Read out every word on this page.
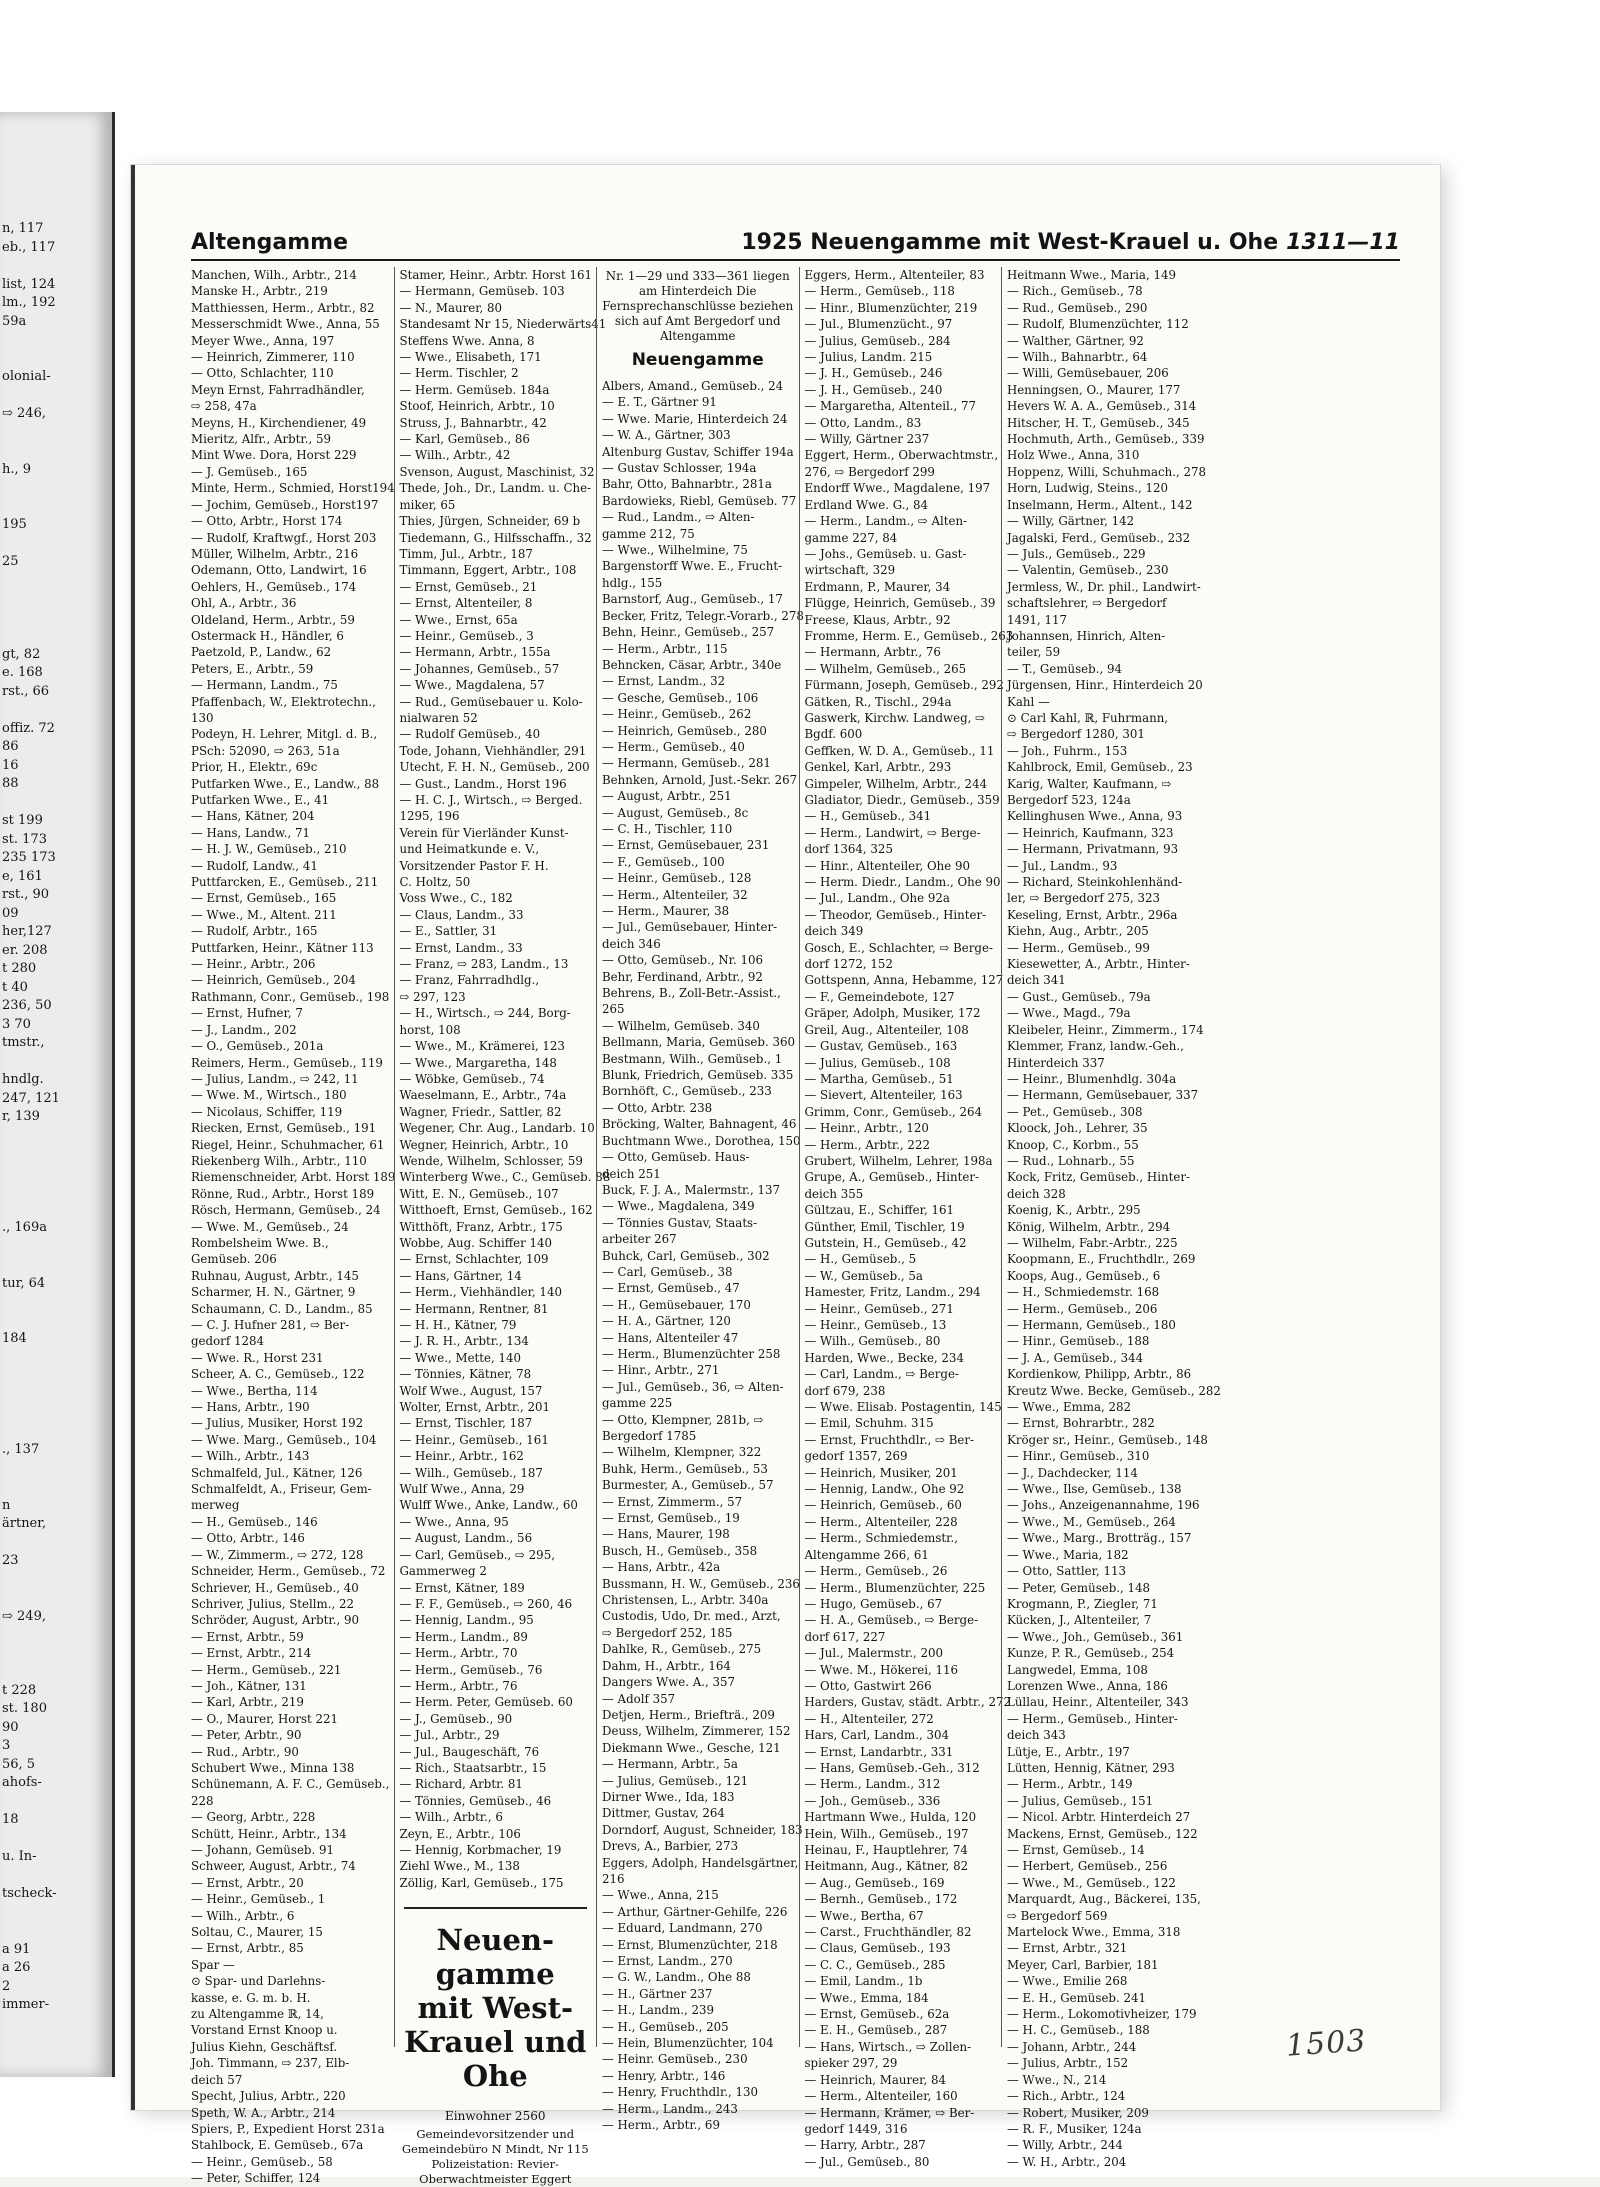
n, 117
eb., 117

list, 124
lm., 192
59a

olonial-

⇨ 246,

h., 9

195

25

gt, 82
e. 168
rst., 66

offiz. 72
86
16
88

st 199
st. 173
235 173
e, 161
rst., 90
09
her,127
er. 208
t 280
t 40
236, 50
3 70
tmstr.,

hndlg.
247, 121
r, 139

., 169a

tur, 64

184

., 137

n
ärtner,

23

⇨ 249,

t 228
st. 180
90
3
56, 5
ahofs-

18

u. In-

tscheck-

a 91
a 26
2
immer-
Altengamme	1925 Neuengamme mit West-Krauel u. Ohe 1311—11
Manchen, Wilh., Arbtr., 214
Manske H., Arbtr., 219
Matthiessen, Herm., Arbtr., 82
Messerschmidt Wwe., Anna, 55
Meyer Wwe., Anna, 197
— Heinrich, Zimmerer, 110
— Otto, Schlachter, 110
Meyn Ernst, Fahrradhändler,
⇨ 258, 47a
Meyns, H., Kirchendiener, 49
Mieritz, Alfr., Arbtr., 59
Mint Wwe. Dora, Horst 229
— J. Gemüseb., 165
Minte, Herm., Schmied, Horst194
— Jochim, Gemüseb., Horst197
— Otto, Arbtr., Horst 174
— Rudolf, Kraftwgf., Horst 203
Müller, Wilhelm, Arbtr., 216
Odemann, Otto, Landwirt, 16
Oehlers, H., Gemüseb., 174
Ohl, A., Arbtr., 36
Oldeland, Herm., Arbtr., 59
Ostermack H., Händler, 6
Paetzold, P., Landw., 62
Peters, E., Arbtr., 59
— Hermann, Landm., 75
Pfaffenbach, W., Elektrotechn.,
130
Podeyn, H. Lehrer, Mitgl. d. B.,
PSch: 52090, ⇨ 263, 51a
Prior, H., Elektr., 69c
Putfarken Wwe., E., Landw., 88
Putfarken Wwe., E., 41
— Hans, Kätner, 204
— Hans, Landw., 71
— H. J. W., Gemüseb., 210
— Rudolf, Landw., 41
Puttfarcken, E., Gemüseb., 211
— Ernst, Gemüseb., 165
— Wwe., M., Altent. 211
— Rudolf, Arbtr., 165
Puttfarken, Heinr., Kätner 113
— Heinr., Arbtr., 206
— Heinrich, Gemüseb., 204
Rathmann, Conr., Gemüseb., 198
— Ernst, Hufner, 7
— J., Landm., 202
— O., Gemüseb., 201a
Reimers, Herm., Gemüseb., 119
— Julius, Landm., ⇨ 242, 11
— Wwe. M., Wirtsch., 180
— Nicolaus, Schiffer, 119
Riecken, Ernst, Gemüseb., 191
Riegel, Heinr., Schuhmacher, 61
Riekenberg Wilh., Arbtr., 110
Riemenschneider, Arbt. Horst 189
Rönne, Rud., Arbtr., Horst 189
Rösch, Hermann, Gemüseb., 24
— Wwe. M., Gemüseb., 24
Rombelsheim Wwe. B.,
Gemüseb. 206
Ruhnau, August, Arbtr., 145
Scharmer, H. N., Gärtner, 9
Schaumann, C. D., Landm., 85
— C. J. Hufner 281, ⇨ Ber-
gedorf 1284
— Wwe. R., Horst 231
Scheer, A. C., Gemüseb., 122
— Wwe., Bertha, 114
— Hans, Arbtr., 190
— Julius, Musiker, Horst 192
— Wwe. Marg., Gemüseb., 104
— Wilh., Arbtr., 143
Schmalfeld, Jul., Kätner, 126
Schmalfeldt, A., Friseur, Gem-
merweg
— H., Gemüseb., 146
— Otto, Arbtr., 146
— W., Zimmerm., ⇨ 272, 128
Schneider, Herm., Gemüseb., 72
Schriever, H., Gemüseb., 40
Schriver, Julius, Stellm., 22
Schröder, August, Arbtr., 90
— Ernst, Arbtr., 59
— Ernst, Arbtr., 214
— Herm., Gemüseb., 221
— Joh., Kätner, 131
— Karl, Arbtr., 219
— O., Maurer, Horst 221
— Peter, Arbtr., 90
— Rud., Arbtr., 90
Schubert Wwe., Minna 138
Schünemann, A. F. C., Gemüseb.,
228
— Georg, Arbtr., 228
Schütt, Heinr., Arbtr., 134
— Johann, Gemüseb. 91
Schweer, August, Arbtr., 74
— Ernst, Arbtr., 20
— Heinr., Gemüseb., 1
— Wilh., Arbtr., 6
Soltau, C., Maurer, 15
— Ernst, Arbtr., 85
Spar —
⊙ Spar- und Darlehns-
kasse, e. G. m. b. H.
zu Altengamme ℝ, 14,
Vorstand Ernst Knoop u.
Julius Kiehn, Geschäftsf.
Joh. Timmann, ⇨ 237, Elb-
deich 57
Specht, Julius, Arbtr., 220
Speth, W. A., Arbtr., 214
Spiers, P., Expedient Horst 231a
Stahlbock, E. Gemüseb., 67a
— Heinr., Gemüseb., 58
— Peter, Schiffer, 124
Stamer, Heinr., Arbtr. Horst 161
— Hermann, Gemüseb. 103
— N., Maurer, 80
Standesamt Nr 15, Niederwärts41
Steffens Wwe. Anna, 8
— Wwe., Elisabeth, 171
— Herm. Tischler, 2
— Herm. Gemüseb. 184a
Stoof, Heinrich, Arbtr., 10
Struss, J., Bahnarbtr., 42
— Karl, Gemüseb., 86
— Wilh., Arbtr., 42
Svenson, August, Maschinist, 32
Thede, Joh., Dr., Landm. u. Che-
miker, 65
Thies, Jürgen, Schneider, 69 b
Tiedemann, G., Hilfsschaffn., 32
Timm, Jul., Arbtr., 187
Timmann, Eggert, Arbtr., 108
— Ernst, Gemüseb., 21
— Ernst, Altenteiler, 8
— Wwe., Ernst, 65a
— Heinr., Gemüseb., 3
— Hermann, Arbtr., 155a
— Johannes, Gemüseb., 57
— Wwe., Magdalena, 57
— Rud., Gemüsebauer u. Kolo-
nialwaren 52
— Rudolf Gemüseb., 40
Tode, Johann, Viehhändler, 291
Utecht, F. H. N., Gemüseb., 200
— Gust., Landm., Horst 196
— H. C. J., Wirtsch., ⇨ Berged.
1295, 196
Verein für Vierländer Kunst-
und Heimatkunde e. V.,
Vorsitzender Pastor F. H.
C. Holtz, 50
Voss Wwe., C., 182
— Claus, Landm., 33
— E., Sattler, 31
— Ernst, Landm., 33
— Franz, ⇨ 283, Landm., 13
— Franz, Fahrradhdlg.,
⇨ 297, 123
— H., Wirtsch., ⇨ 244, Borg-
horst, 108
— Wwe., M., Krämerei, 123
— Wwe., Margaretha, 148
— Wöbke, Gemüseb., 74
Waeselmann, E., Arbtr., 74a
Wagner, Friedr., Sattler, 82
Wegener, Chr. Aug., Landarb. 10
Wegner, Heinrich, Arbtr., 10
Wende, Wilhelm, Schlosser, 59
Winterberg Wwe., C., Gemüseb. 88
Witt, E. N., Gemüseb., 107
Witthoeft, Ernst, Gemüseb., 162
Witthöft, Franz, Arbtr., 175
Wobbe, Aug. Schiffer 140
— Ernst, Schlachter, 109
— Hans, Gärtner, 14
— Herm., Viehhändler, 140
— Hermann, Rentner, 81
— H. H., Kätner, 79
— J. R. H., Arbtr., 134
— Wwe., Mette, 140
— Tönnies, Kätner, 78
Wolf Wwe., August, 157
Wolter, Ernst, Arbtr., 201
— Ernst, Tischler, 187
— Heinr., Gemüseb., 161
— Heinr., Arbtr., 162
— Wilh., Gemüseb., 187
Wulf Wwe., Anna, 29
Wulff Wwe., Anke, Landw., 60
— Wwe., Anna, 95
— August, Landm., 56
— Carl, Gemüseb., ⇨ 295,
Gammerweg 2
— Ernst, Kätner, 189
— F. F., Gemüseb., ⇨ 260, 46
— Hennig, Landm., 95
— Herm., Landm., 89
— Herm., Arbtr., 70
— Herm., Gemüseb., 76
— Herm., Arbtr., 76
— Herm. Peter, Gemüseb. 60
— J., Gemüseb., 90
— Jul., Arbtr., 29
— Jul., Baugeschäft, 76
— Rich., Staatsarbtr., 15
— Richard, Arbtr. 81
— Tönnies, Gemüseb., 46
— Wilh., Arbtr., 6
Zeyn, E., Arbtr., 106
— Hennig, Korbmacher, 19
Ziehl Wwe., M., 138
Zöllig, Karl, Gemüseb., 175
Neuen-
gamme
mit West-
Krauel und
Ohe
Einwohner 2560
Gemeindevorsitzender und Gemeindebüro N Mindt, Nr 115 Polizeistation: Revier-Oberwachtmeister Eggert
Nr. 1—29 und 333—361 liegen am Hinterdeich Die Fernsprechanschlüsse beziehen sich auf Amt Bergedorf und Altengamme
Neuengamme
Albers, Amand., Gemüseb., 24
— E. T., Gärtner 91
— Wwe. Marie, Hinterdeich 24
— W. A., Gärtner, 303
Altenburg Gustav, Schiffer 194a
— Gustav Schlosser, 194a
Bahr, Otto, Bahnarbtr., 281a
Bardowieks, Riebl, Gemüseb. 77
— Rud., Landm., ⇨ Alten-
gamme 212, 75
— Wwe., Wilhelmine, 75
Bargenstorff Wwe. E., Frucht-
hdlg., 155
Barnstorf, Aug., Gemüseb., 17
Becker, Fritz, Telegr.-Vorarb., 278
Behn, Heinr., Gemüseb., 257
— Herm., Arbtr., 115
Behncken, Cäsar, Arbtr., 340e
— Ernst, Landm., 32
— Gesche, Gemüseb., 106
— Heinr., Gemüseb., 262
— Heinrich, Gemüseb., 280
— Herm., Gemüseb., 40
— Hermann, Gemüseb., 281
Behnken, Arnold, Just.-Sekr. 267
— August, Arbtr., 251
— August, Gemüseb., 8c
— C. H., Tischler, 110
— Ernst, Gemüsebauer, 231
— F., Gemüseb., 100
— Heinr., Gemüseb., 128
— Herm., Altenteiler, 32
— Herm., Maurer, 38
— Jul., Gemüsebauer, Hinter-
deich 346
— Otto, Gemüseb., Nr. 106
Behr, Ferdinand, Arbtr., 92
Behrens, B., Zoll-Betr.-Assist.,
265
— Wilhelm, Gemüseb. 340
Bellmann, Maria, Gemüseb. 360
Bestmann, Wilh., Gemüseb., 1
Blunk, Friedrich, Gemüseb. 335
Bornhöft, C., Gemüseb., 233
— Otto, Arbtr. 238
Bröcking, Walter, Bahnagent, 46
Buchtmann Wwe., Dorothea, 150
— Otto, Gemüseb. Haus-
deich 251
Buck, F. J. A., Malermstr., 137
— Wwe., Magdalena, 349
— Tönnies Gustav, Staats-
arbeiter 267
Buhck, Carl, Gemüseb., 302
— Carl, Gemüseb., 38
— Ernst, Gemüseb., 47
— H., Gemüsebauer, 170
— H. A., Gärtner, 120
— Hans, Altenteiler 47
— Herm., Blumenzüchter 258
— Hinr., Arbtr., 271
— Jul., Gemüseb., 36, ⇨ Alten-
gamme 225
— Otto, Klempner, 281b, ⇨
Bergedorf 1785
— Wilhelm, Klempner, 322
Buhk, Herm., Gemüseb., 53
Burmester, A., Gemüseb., 57
— Ernst, Zimmerm., 57
— Ernst, Gemüseb., 19
— Hans, Maurer, 198
Busch, H., Gemüseb., 358
— Hans, Arbtr., 42a
Bussmann, H. W., Gemüseb., 236
Christensen, L., Arbtr. 340a
Custodis, Udo, Dr. med., Arzt,
⇨ Bergedorf 252, 185
Dahlke, R., Gemüseb., 275
Dahm, H., Arbtr., 164
Dangers Wwe. A., 357
— Adolf 357
Detjen, Herm., Briefträ., 209
Deuss, Wilhelm, Zimmerer, 152
Diekmann Wwe., Gesche, 121
— Hermann, Arbtr., 5a
— Julius, Gemüseb., 121
Dirner Wwe., Ida, 183
Dittmer, Gustav, 264
Dorndorf, August, Schneider, 183
Drevs, A., Barbier, 273
Eggers, Adolph, Handelsgärtner,
216
— Wwe., Anna, 215
— Arthur, Gärtner-Gehilfe, 226
— Eduard, Landmann, 270
— Ernst, Blumenzüchter, 218
— Ernst, Landm., 270
— G. W., Landm., Ohe 88
— H., Gärtner 237
— H., Landm., 239
— H., Gemüseb., 205
— Hein, Blumenzüchter, 104
— Heinr. Gemüseb., 230
— Henry, Arbtr., 146
— Henry, Fruchthdlr., 130
— Herm., Landm., 243
— Herm., Arbtr., 69
Eggers, Herm., Altenteiler, 83
— Herm., Gemüseb., 118
— Hinr., Blumenzüchter, 219
— Jul., Blumenzücht., 97
— Julius, Gemüseb., 284
— Julius, Landm. 215
— J. H., Gemüseb., 246
— J. H., Gemüseb., 240
— Margaretha, Altenteil., 77
— Otto, Landm., 83
— Willy, Gärtner 237
Eggert, Herm., Oberwachtmstr.,
276, ⇨ Bergedorf 299
Endorff Wwe., Magdalene, 197
Erdland Wwe. G., 84
— Herm., Landm., ⇨ Alten-
gamme 227, 84
— Johs., Gemüseb. u. Gast-
wirtschaft, 329
Erdmann, P., Maurer, 34
Flügge, Heinrich, Gemüseb., 39
Freese, Klaus, Arbtr., 92
Fromme, Herm. E., Gemüseb., 263
— Hermann, Arbtr., 76
— Wilhelm, Gemüseb., 265
Fürmann, Joseph, Gemüseb., 292
Gätken, R., Tischl., 294a
Gaswerk, Kirchw. Landweg, ⇨
Bgdf. 600
Geffken, W. D. A., Gemüseb., 11
Genkel, Karl, Arbtr., 293
Gimpeler, Wilhelm, Arbtr., 244
Gladiator, Diedr., Gemüseb., 359
— H., Gemüseb., 341
— Herm., Landwirt, ⇨ Berge-
dorf 1364, 325
— Hinr., Altenteiler, Ohe 90
— Herm. Diedr., Landm., Ohe 90
— Jul., Landm., Ohe 92a
— Theodor, Gemüseb., Hinter-
deich 349
Gosch, E., Schlachter, ⇨ Berge-
dorf 1272, 152
Gottspenn, Anna, Hebamme, 127
— F., Gemeindebote, 127
Gräper, Adolph, Musiker, 172
Greil, Aug., Altenteiler, 108
— Gustav, Gemüseb., 163
— Julius, Gemüseb., 108
— Martha, Gemüseb., 51
— Sievert, Altenteiler, 163
Grimm, Conr., Gemüseb., 264
— Heinr., Arbtr., 120
— Herm., Arbtr., 222
Grubert, Wilhelm, Lehrer, 198a
Grupe, A., Gemüseb., Hinter-
deich 355
Gültzau, E., Schiffer, 161
Günther, Emil, Tischler, 19
Gutstein, H., Gemüseb., 42
— H., Gemüseb., 5
— W., Gemüseb., 5a
Hamester, Fritz, Landm., 294
— Heinr., Gemüseb., 271
— Heinr., Gemüseb., 13
— Wilh., Gemüseb., 80
Harden, Wwe., Becke, 234
— Carl, Landm., ⇨ Berge-
dorf 679, 238
— Wwe. Elisab. Postagentin, 145
— Emil, Schuhm. 315
— Ernst, Fruchthdlr., ⇨ Ber-
gedorf 1357, 269
— Heinrich, Musiker, 201
— Hennig, Landw., Ohe 92
— Heinrich, Gemüseb., 60
— Herm., Altenteiler, 228
— Herm., Schmiedemstr.,
Altengamme 266, 61
— Herm., Gemüseb., 26
— Herm., Blumenzüchter, 225
— Hugo, Gemüseb., 67
— H. A., Gemüseb., ⇨ Berge-
dorf 617, 227
— Jul., Malermstr., 200
— Wwe. M., Hökerei, 116
— Otto, Gastwirt 266
Harders, Gustav, städt. Arbtr., 272
— H., Altenteiler, 272
Hars, Carl, Landm., 304
— Ernst, Landarbtr., 331
— Hans, Gemüseb.-Geh., 312
— Herm., Landm., 312
— Joh., Gemüseb., 336
Hartmann Wwe., Hulda, 120
Hein, Wilh., Gemüseb., 197
Heinau, F., Hauptlehrer, 74
Heitmann, Aug., Kätner, 82
— Aug., Gemüseb., 169
— Bernh., Gemüseb., 172
— Wwe., Bertha, 67
— Carst., Fruchthändler, 82
— Claus, Gemüseb., 193
— C. C., Gemüseb., 285
— Emil, Landm., 1b
— Wwe., Emma, 184
— Ernst, Gemüseb., 62a
— E. H., Gemüseb., 287
— Hans, Wirtsch., ⇨ Zollen-
spieker 297, 29
— Heinrich, Maurer, 84
— Herm., Altenteiler, 160
— Hermann, Krämer, ⇨ Ber-
gedorf 1449, 316
— Harry, Arbtr., 287
— Jul., Gemüseb., 80
Heitmann Wwe., Maria, 149
— Rich., Gemüseb., 78
— Rud., Gemüseb., 290
— Rudolf, Blumenzüchter, 112
— Walther, Gärtner, 92
— Wilh., Bahnarbtr., 64
— Willi, Gemüsebauer, 206
Henningsen, O., Maurer, 177
Hevers W. A. A., Gemüseb., 314
Hitscher, H. T., Gemüseb., 345
Hochmuth, Arth., Gemüseb., 339
Holz Wwe., Anna, 310
Hoppenz, Willi, Schuhmach., 278
Horn, Ludwig, Steins., 120
Inselmann, Herm., Altent., 142
— Willy, Gärtner, 142
Jagalski, Ferd., Gemüseb., 232
— Juls., Gemüseb., 229
— Valentin, Gemüseb., 230
Jermless, W., Dr. phil., Landwirt-
schaftslehrer, ⇨ Bergedorf
1491, 117
Johannsen, Hinrich, Alten-
teiler, 59
— T., Gemüseb., 94
Jürgensen, Hinr., Hinterdeich 20
Kahl —
⊙ Carl Kahl, ℝ, Fuhrmann,
⇨ Bergedorf 1280, 301
— Joh., Fuhrm., 153
Kahlbrock, Emil, Gemüseb., 23
Karig, Walter, Kaufmann, ⇨
Bergedorf 523, 124a
Kellinghusen Wwe., Anna, 93
— Heinrich, Kaufmann, 323
— Hermann, Privatmann, 93
— Jul., Landm., 93
— Richard, Steinkohlenhänd-
ler, ⇨ Bergedorf 275, 323
Keseling, Ernst, Arbtr., 296a
Kiehn, Aug., Arbtr., 205
— Herm., Gemüseb., 99
Kiesewetter, A., Arbtr., Hinter-
deich 341
— Gust., Gemüseb., 79a
— Wwe., Magd., 79a
Kleibeler, Heinr., Zimmerm., 174
Klemmer, Franz, landw.-Geh.,
Hinterdeich 337
— Heinr., Blumenhdlg. 304a
— Hermann, Gemüsebauer, 337
— Pet., Gemüseb., 308
Kloock, Joh., Lehrer, 35
Knoop, C., Korbm., 55
— Rud., Lohnarb., 55
Kock, Fritz, Gemüseb., Hinter-
deich 328
Koenig, K., Arbtr., 295
König, Wilhelm, Arbtr., 294
— Wilhelm, Fabr.-Arbtr., 225
Koopmann, E., Fruchthdlr., 269
Koops, Aug., Gemüseb., 6
— H., Schmiedemstr. 168
— Herm., Gemüseb., 206
— Hermann, Gemüseb., 180
— Hinr., Gemüseb., 188
— J. A., Gemüseb., 344
Kordienkow, Philipp, Arbtr., 86
Kreutz Wwe. Becke, Gemüseb., 282
— Wwe., Emma, 282
— Ernst, Bohrarbtr., 282
Kröger sr., Heinr., Gemüseb., 148
— Hinr., Gemüseb., 310
— J., Dachdecker, 114
— Wwe., Ilse, Gemüseb., 138
— Johs., Anzeigenannahme, 196
— Wwe., M., Gemüseb., 264
— Wwe., Marg., Brotträg., 157
— Wwe., Maria, 182
— Otto, Sattler, 113
— Peter, Gemüseb., 148
Krogmann, P., Ziegler, 71
Kücken, J., Altenteiler, 7
— Wwe., Joh., Gemüseb., 361
Kunze, P. R., Gemüseb., 254
Langwedel, Emma, 108
Lorenzen Wwe., Anna, 186
Lüllau, Heinr., Altenteiler, 343
— Herm., Gemüseb., Hinter-
deich 343
Lütje, E., Arbtr., 197
Lütten, Hennig, Kätner, 293
— Herm., Arbtr., 149
— Julius, Gemüseb., 151
— Nicol. Arbtr. Hinterdeich 27
Mackens, Ernst, Gemüseb., 122
— Ernst, Gemüseb., 14
— Herbert, Gemüseb., 256
— Wwe., M., Gemüseb., 122
Marquardt, Aug., Bäckerei, 135,
⇨ Bergedorf 569
Martelock Wwe., Emma, 318
— Ernst, Arbtr., 321
Meyer, Carl, Barbier, 181
— Wwe., Emilie 268
— E. H., Gemüseb. 241
— Herm., Lokomotivheizer, 179
— H. C., Gemüseb., 188
— Johann, Arbtr., 244
— Julius, Arbtr., 152
— Wwe., N., 214
— Rich., Arbtr., 124
— Robert, Musiker, 209
— R. F., Musiker, 124a
— Willy, Arbtr., 244
— W. H., Arbtr., 204
1503
